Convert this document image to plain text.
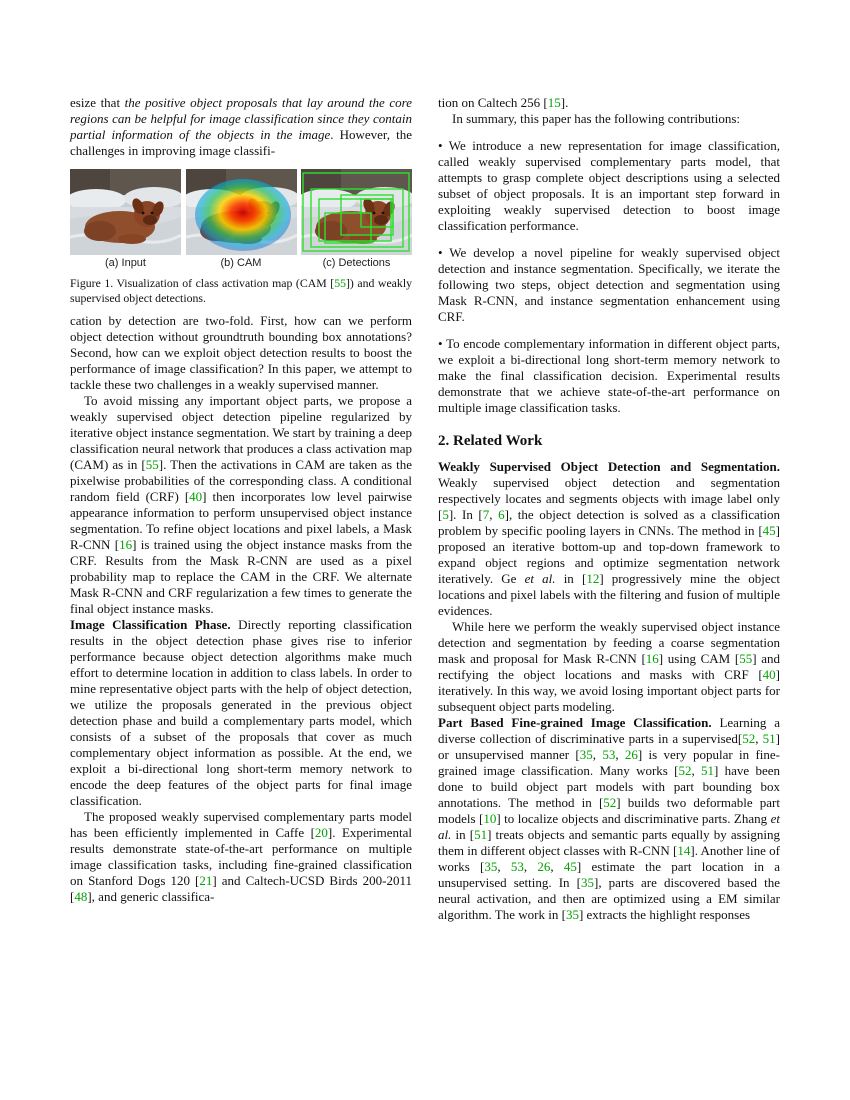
esize that the positive object proposals that lay around the core regions can be helpful for image classification since they contain partial information of the objects in the image. However, the challenges in improving image classifi-

(a) Input	(b) CAM	(c) Detections
Figure 1. Visualization of class activation map (CAM [55]) and weakly supervised object detections.

cation by detection are two-fold. First, how can we perform object detection without groundtruth bounding box annotations? Second, how can we exploit object detection results to boost the performance of image classification? In this paper, we attempt to tackle these two challenges in a weakly supervised manner.

To avoid missing any important object parts, we propose a weakly supervised object detection pipeline regularized by iterative object instance segmentation. We start by training a deep classification neural network that produces a class activation map (CAM) as in [55]. Then the activations in CAM are taken as the pixelwise probabilities of the corresponding class. A conditional random field (CRF) [40] then incorporates low level pairwise appearance information to perform unsupervised object instance segmentation. To refine object locations and pixel labels, a Mask R-CNN [16] is trained using the object instance masks from the CRF. Results from the Mask R-CNN are used as a pixel probability map to replace the CAM in the CRF. We alternate Mask R-CNN and CRF regularization a few times to generate the final object instance masks.

Image Classification Phase. Directly reporting classification results in the object detection phase gives rise to inferior performance because object detection algorithms make much effort to determine location in addition to class labels. In order to mine representative object parts with the help of object detection, we utilize the proposals generated in the previous object detection phase and build a complementary parts model, which consists of a subset of the proposals that cover as much complementary object information as possible. At the end, we exploit a bi-directional long short-term memory network to encode the deep features of the object parts for final image classification.

The proposed weakly supervised complementary parts model has been efficiently implemented in Caffe [20]. Experimental results demonstrate state-of-the-art performance on multiple image classification tasks, including fine-grained classification on Stanford Dogs 120 [21] and Caltech-UCSD Birds 200-2011 [48], and generic classifica-

tion on Caltech 256 [15].

In summary, this paper has the following contributions:

• We introduce a new representation for image classification, called weakly supervised complementary parts model, that attempts to grasp complete object descriptions using a selected subset of object proposals. It is an important step forward in exploiting weakly supervised detection to boost image classification performance.

• We develop a novel pipeline for weakly supervised object detection and instance segmentation. Specifically, we iterate the following two steps, object detection and segmentation using Mask R-CNN, and instance segmentation enhancement using CRF.

• To encode complementary information in different object parts, we exploit a bi-directional long short-term memory network to make the final classification decision. Experimental results demonstrate that we achieve state-of-the-art performance on multiple image classification tasks.

2. Related Work

Weakly Supervised Object Detection and Segmentation. Weakly supervised object detection and segmentation respectively locates and segments objects with image label only [5]. In [7, 6], the object detection is solved as a classification problem by specific pooling layers in CNNs. The method in [45] proposed an iterative bottom-up and top-down framework to expand object regions and optimize segmentation network iteratively. Ge et al. in [12] progressively mine the object locations and pixel labels with the filtering and fusion of multiple evidences.

While here we perform the weakly supervised object instance detection and segmentation by feeding a coarse segmentation mask and proposal for Mask R-CNN [16] using CAM [55] and rectifying the object locations and masks with CRF [40] iteratively. In this way, we avoid losing important object parts for subsequent object parts modeling.

Part Based Fine-grained Image Classification. Learning a diverse collection of discriminative parts in a supervised[52, 51] or unsupervised manner [35, 53, 26] is very popular in fine-grained image classification. Many works [52, 51] have been done to build object part models with part bounding box annotations. The method in [52] builds two deformable part models [10] to localize objects and discriminative parts. Zhang et al. in [51] treats objects and semantic parts equally by assigning them in different object classes with R-CNN [14]. Another line of works [35, 53, 26, 45] estimate the part location in a unsupervised setting. In [35], parts are discovered based the neural activation, and then are optimized using a EM similar algorithm. The work in [35] extracts the highlight responses
